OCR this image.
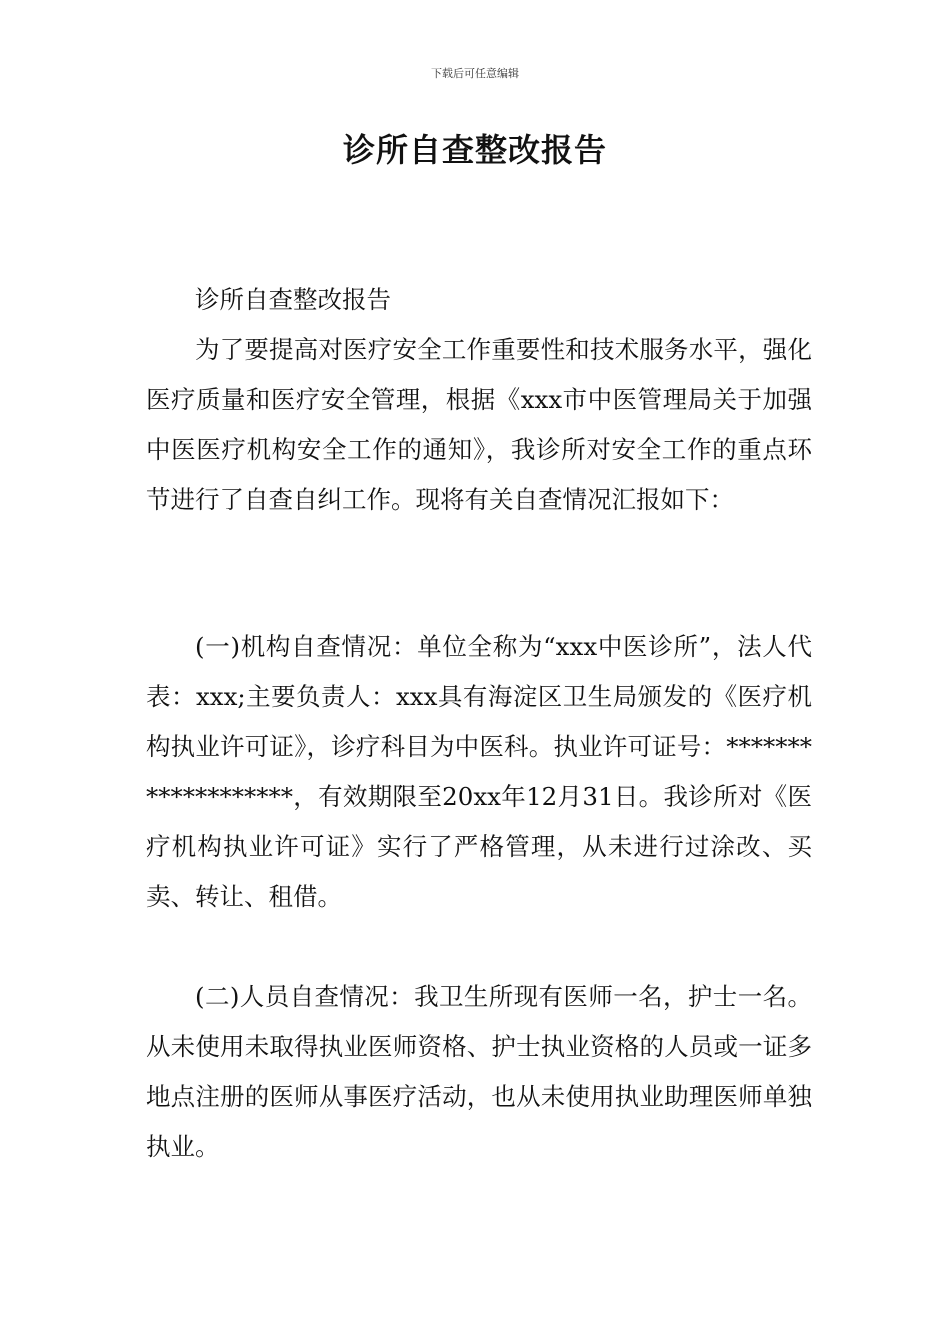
下载后可任意编辑
诊所自查整改报告

诊所自查整改报告

为了要提高对医疗安全工作重要性和技术服务水平，强化医疗质量和医疗安全管理，根据《xxx市中医管理局关于加强中医医疗机构安全工作的通知》，我诊所对安全工作的重点环节进行了自查自纠工作。现将有关自查情况汇报如下：

(一)机构自查情况：单位全称为“xxx中医诊所”，法人代表：xxx;主要负责人：xxx具有海淀区卫生局颁发的《医疗机构执业许可证》，诊疗科目为中医科。执业许可证号：*******************，有效期限至20xx年12月31日。我诊所对《医疗机构执业许可证》实行了严格管理，从未进行过涂改、买卖、转让、租借。

(二)人员自查情况：我卫生所现有医师一名，护士一名。从未使用未取得执业医师资格、护士执业资格的人员或一证多地点注册的医师从事医疗活动，也从未使用执业助理医师单独执业。
